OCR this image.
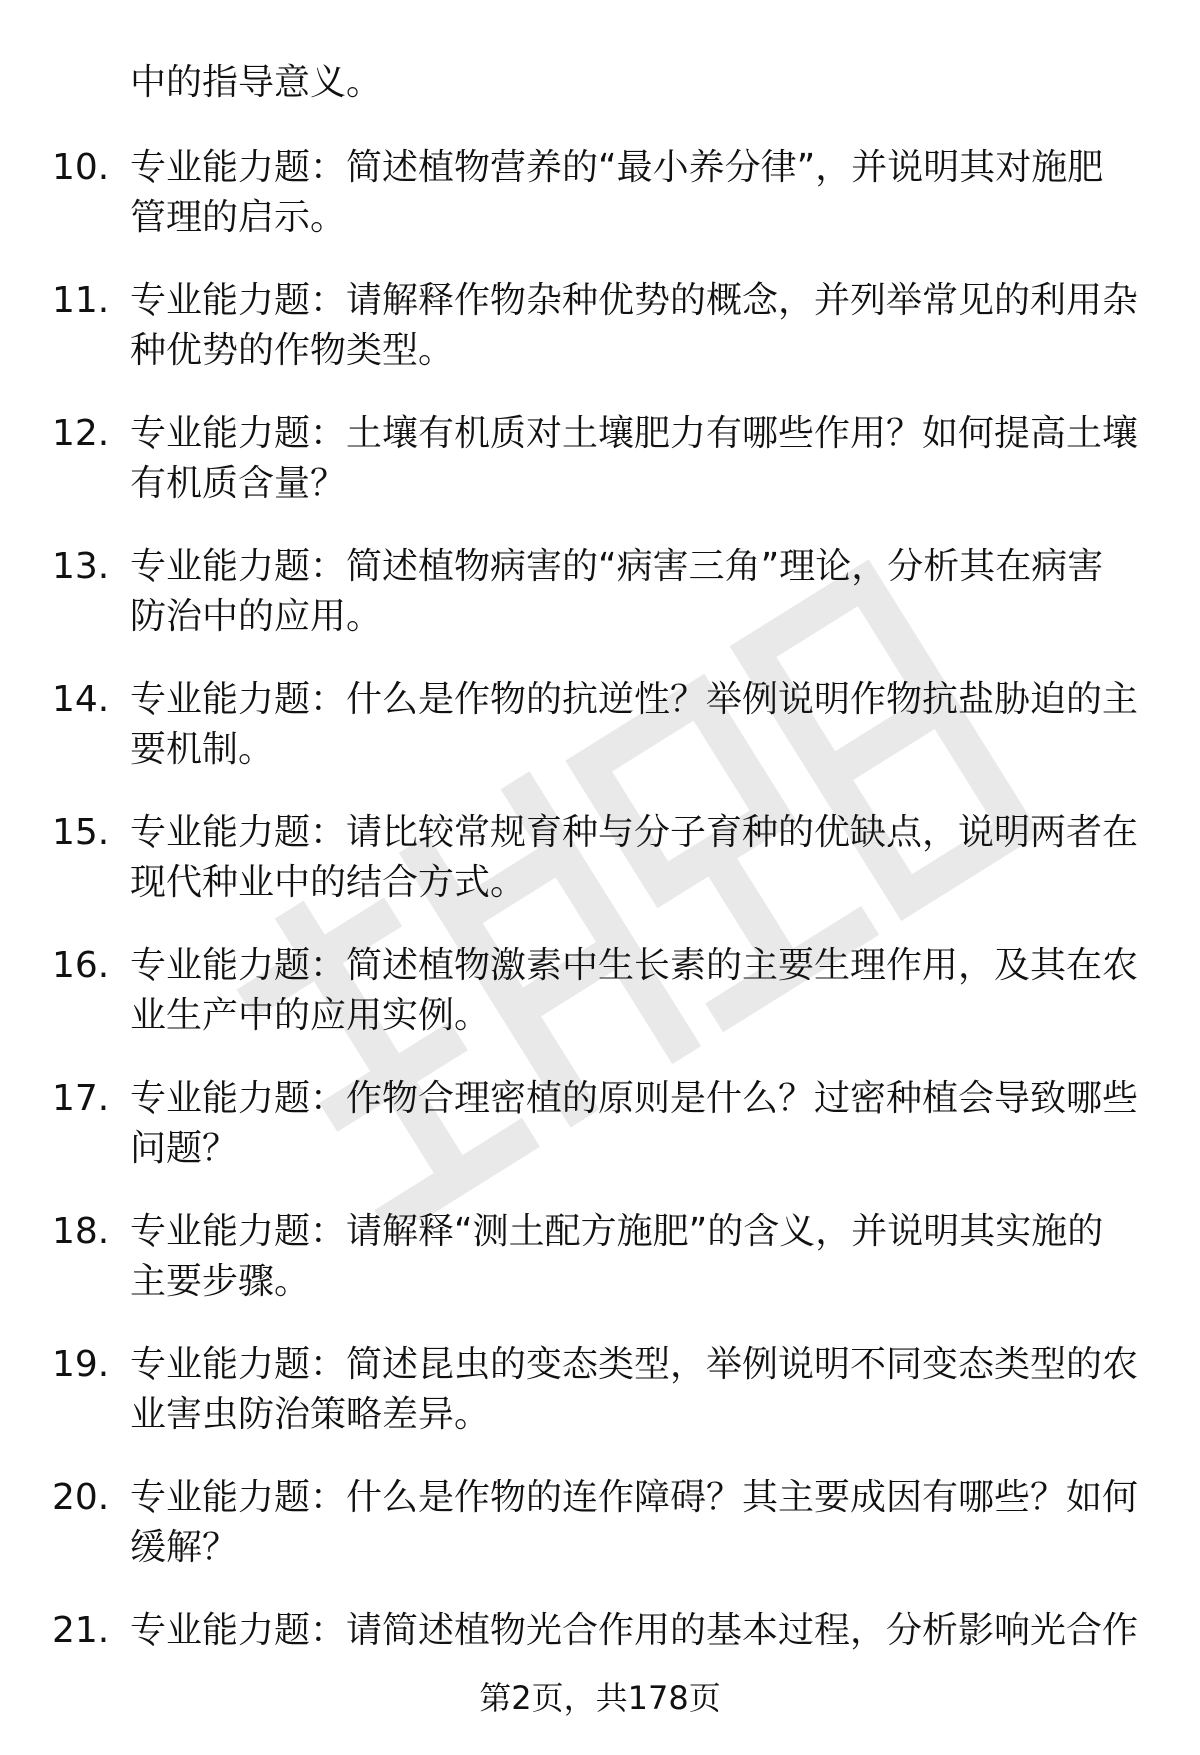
中的指导意义。
10. 专业能力题：简述植物营养的“最小养分律”，并说明其对施肥
管理的启示。
11. 专业能力题：请解释作物杂种优势的概念，并列举常见的利用杂
种优势的作物类型。
12. 专业能力题：土壤有机质对土壤肥力有哪些作用？如何提高土壤
有机质含量？
13. 专业能力题：简述植物病害的“病害三角”理论，分析其在病害
防治中的应用。
14. 专业能力题：什么是作物的抗逆性？举例说明作物抗盐胁迫的主
要机制。
15. 专业能力题：请比较常规育种与分子育种的优缺点，说明两者在
现代种业中的结合方式。
16. 专业能力题：简述植物激素中生长素的主要生理作用，及其在农
业生产中的应用实例。
17. 专业能力题：作物合理密植的原则是什么？过密种植会导致哪些
问题？
18. 专业能力题：请解释“测土配方施肥”的含义，并说明其实施的
主要步骤。
19. 专业能力题：简述昆虫的变态类型，举例说明不同变态类型的农
业害虫防治策略差异。
20. 专业能力题：什么是作物的连作障碍？其主要成因有哪些？如何
缓解？
21. 专业能力题：请简述植物光合作用的基本过程，分析影响光合作
第2页，共178页
